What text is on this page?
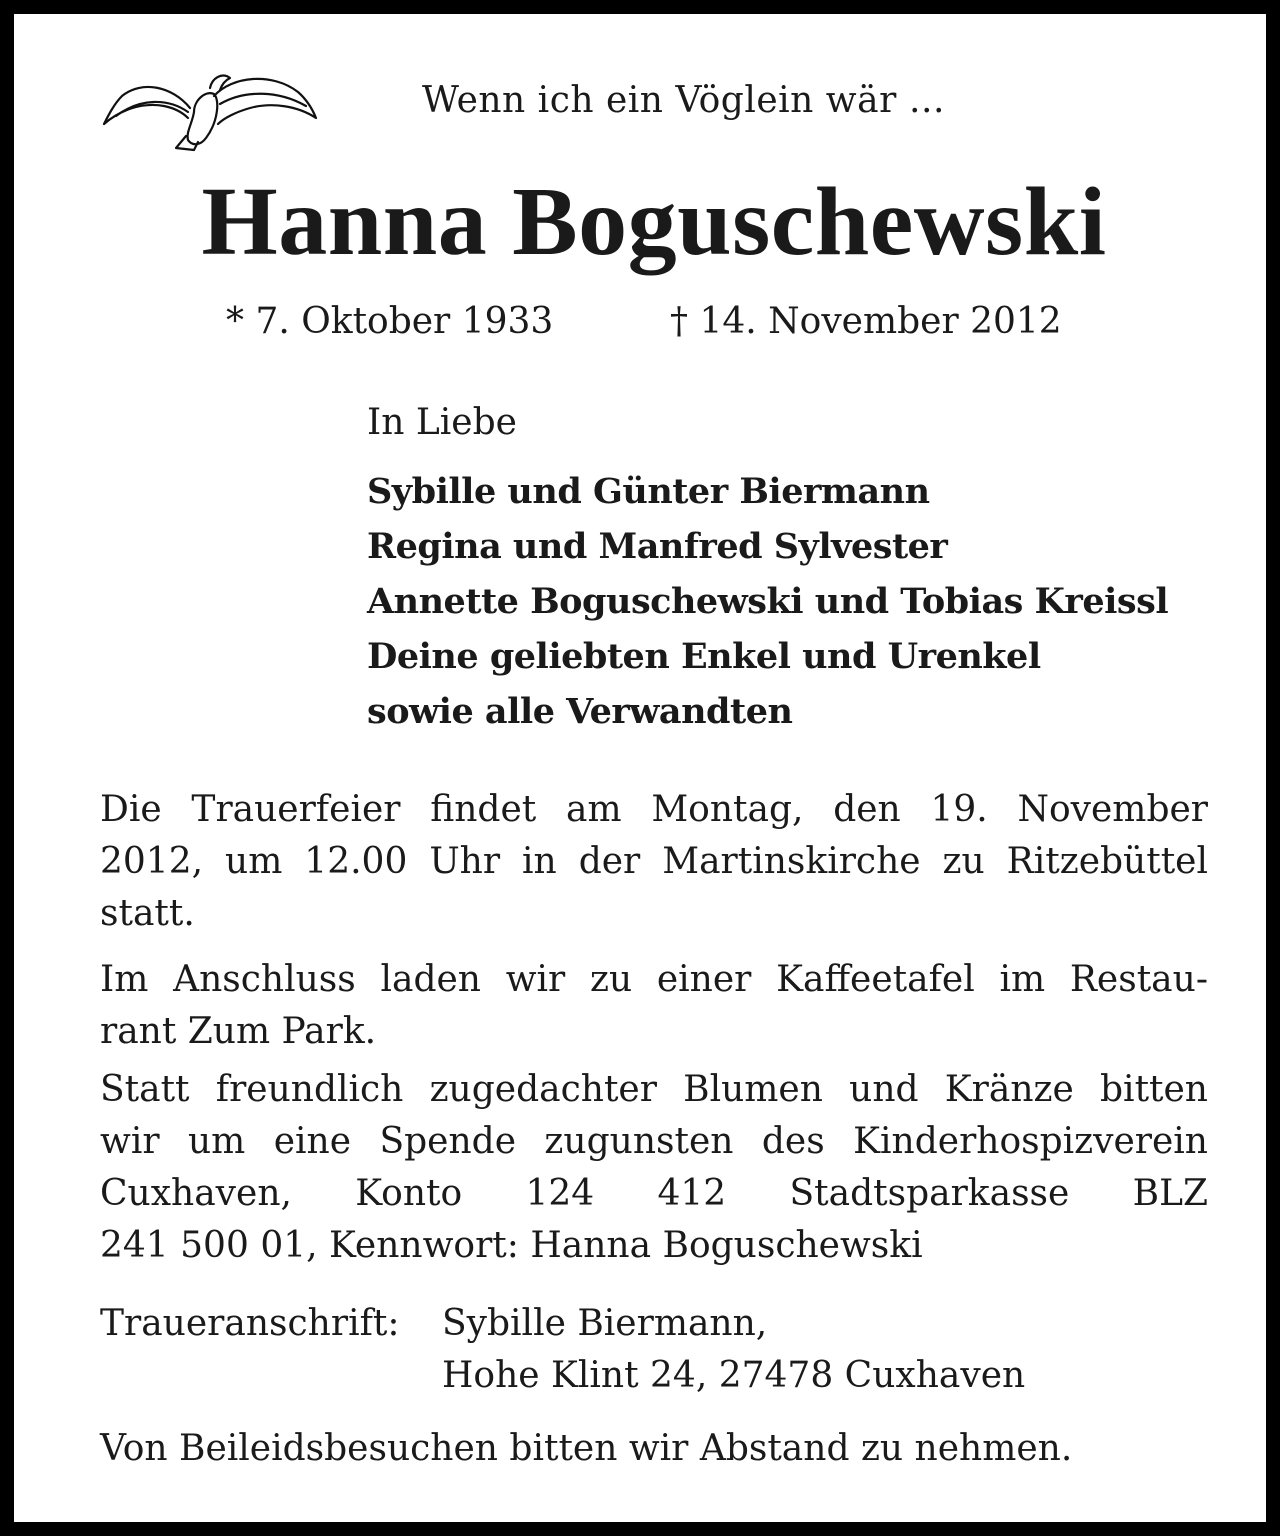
Wenn ich ein Vöglein wär …
Hanna Boguschewski
* 7. Oktober 1933	† 14. November 2012
In Liebe
Sybille und Günter Biermann
Regina und Manfred Sylvester
Annette Boguschewski und Tobias Kreissl
Deine geliebten Enkel und Urenkel
sowie alle Verwandten
Die Trauerfeier findet am Montag, den 19. November
2012, um 12.00 Uhr in der Martinskirche zu Ritzebüttel
statt.
Im Anschluss laden wir zu einer Kaffeetafel im Restau-
rant Zum Park.
Statt freundlich zugedachter Blumen und Kränze bitten
wir um eine Spende zugunsten des Kinderhospizverein
Cuxhaven, Konto 124 412 Stadtsparkasse BLZ
241 500 01, Kennwort: Hanna Boguschewski
Traueranschrift: Sybille Biermann,
Hohe Klint 24, 27478 Cuxhaven
Von Beileidsbesuchen bitten wir Abstand zu nehmen.
